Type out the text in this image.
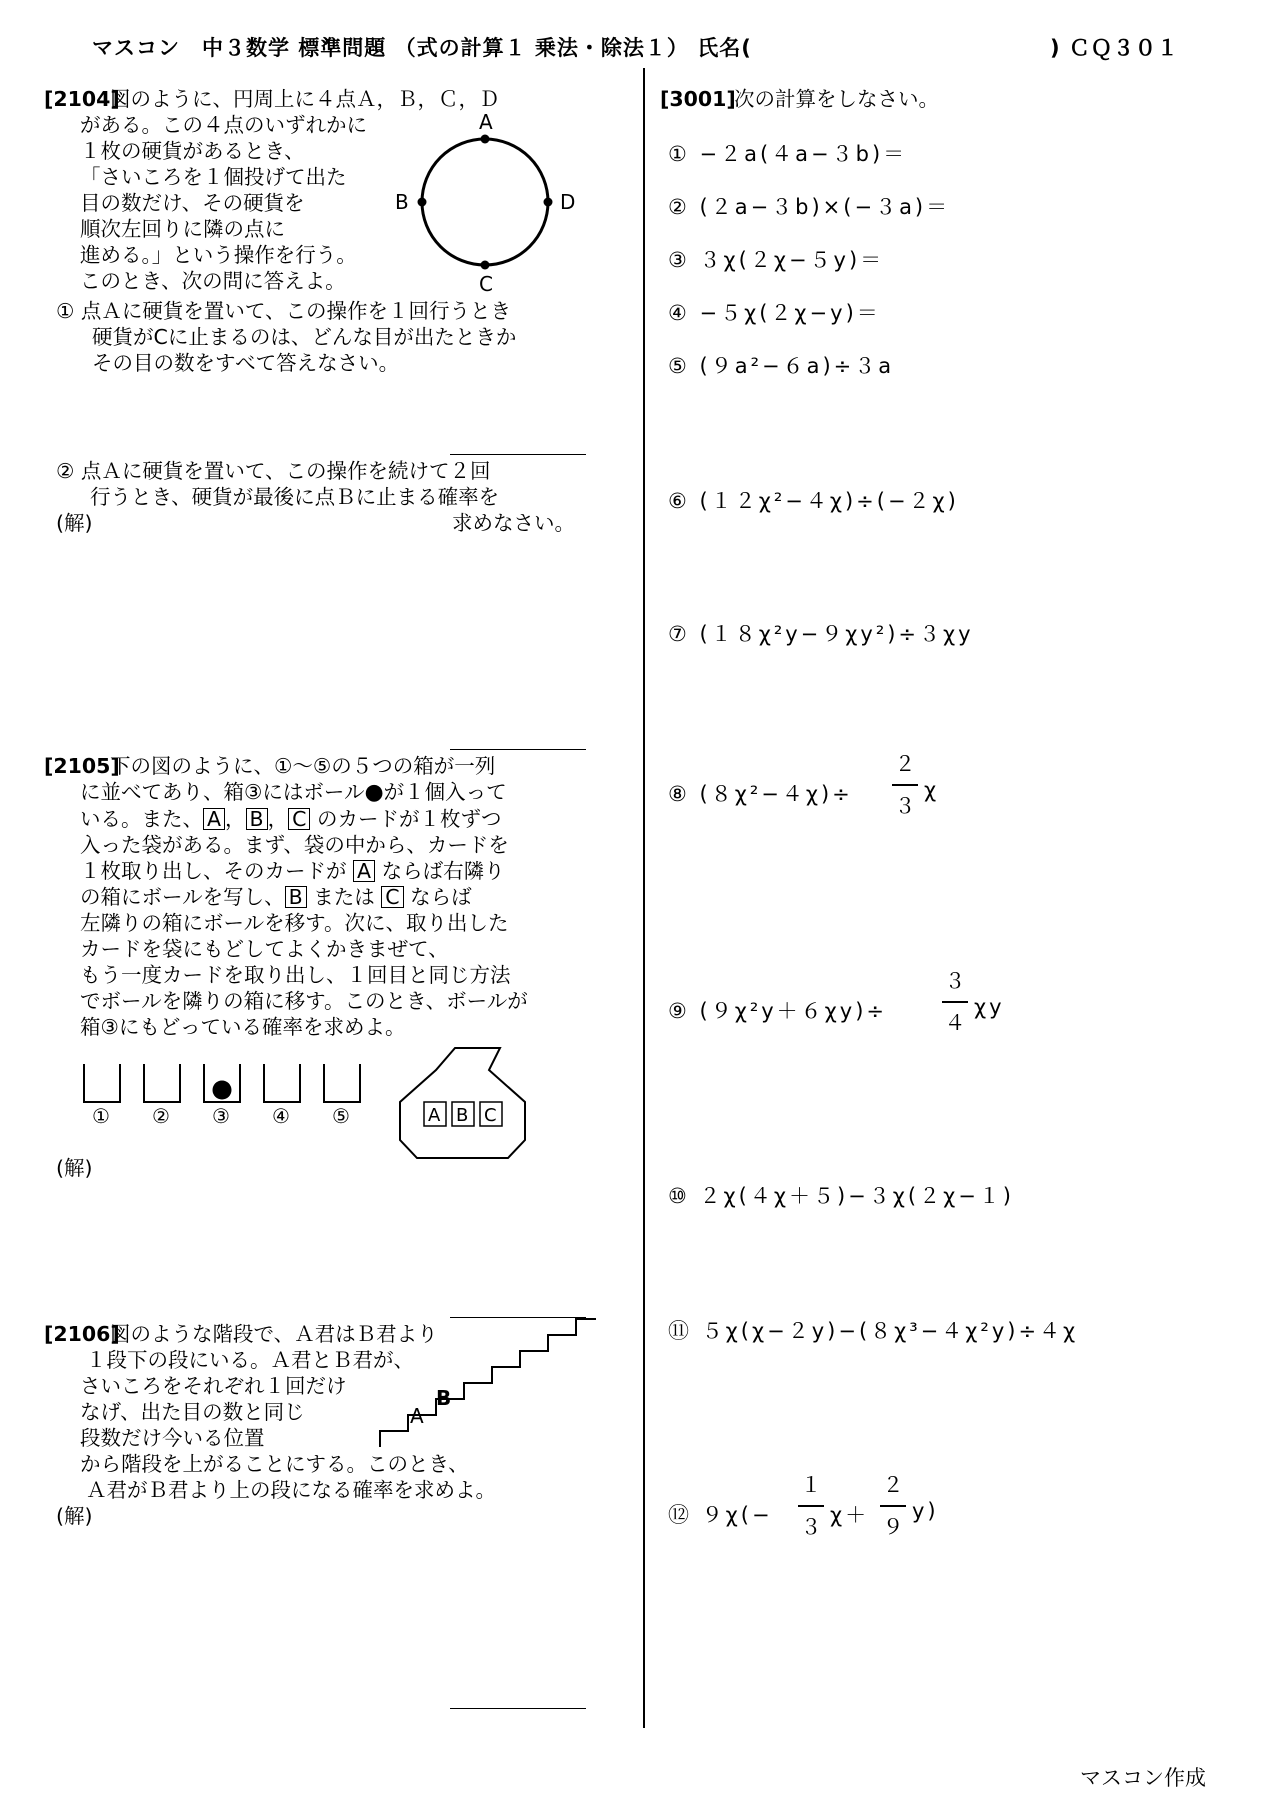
マスコン　中３数学 標準問題 （式の計算１ 乗法・除法１） 氏名(	) ＣＱ３０１
[2104]
図のように、円周上に４点Ａ，Ｂ，Ｃ，Ｄ
がある。この４点のいずれかに
１枚の硬貨があるとき、
「さいころを１個投げて出た
目の数だけ、その硬貨を
順次左回りに隣の点に
進める。」という操作を行う。
このとき、次の問に答えよ。
A
B
C
D
① 点Ａに硬貨を置いて、この操作を１回行うとき
硬貨がCに止まるのは、どんな目が出たときか
その目の数をすべて答えなさい。
② 点Ａに硬貨を置いて、この操作を続けて２回
行うとき、硬貨が最後に点Ｂに止まる確率を
(解)	求めなさい。
[2105]
下の図のように、①〜⑤の５つの箱が一列
に並べてあり、箱③にはボール●が１個入って
いる。また、 A ， B ， C のカードが１枚ずつ
入った袋がある。まず、袋の中から、カードを
１枚取り出し、そのカードが A ならば右隣り
の箱にボールを写し、 B または C ならば
左隣りの箱にボールを移す。次に、取り出した
カードを袋にもどしてよくかきまぜて、
もう一度カードを取り出し、１回目と同じ方法
でボールを隣りの箱に移す。このとき、ボールが
箱③にもどっている確率を求めよ。
① ② ③ ④ ⑤	A B C
(解)
[2106]
図のような階段で、Ａ君はＢ君より
１段下の段にいる。Ａ君とＢ君が、
さいころをそれぞれ１回だけ
なげ、出た目の数と同じ
段数だけ今いる位置
から階段を上がることにする。このとき、
Ａ君がＢ君より上の段になる確率を求めよ。
(解)
A
B
[3001]
次の計算をしなさい。
① −２a(４a−３b)＝
② (２a−３b)×(−３a)＝
③ ３χ(２χ−５y)＝
④ −５χ(２χ−y)＝
⑤ (９a²−６a)÷３a
⑥ (１２χ²−４χ)÷(−２χ)
⑦ (１８χ²y−９χy²)÷３χy
⑧ (８χ²−４χ)÷
２
３
χ
⑨ (９χ²y＋６χy)÷
３
４
χy
⑩ ２χ(４χ＋５)−３χ(２χ−１)
⑪ ５χ(χ−２y)−(８χ³−４χ²y)÷４χ
⑫ ９χ(−
１
３ χ＋
２
９
y)
マスコン作成
